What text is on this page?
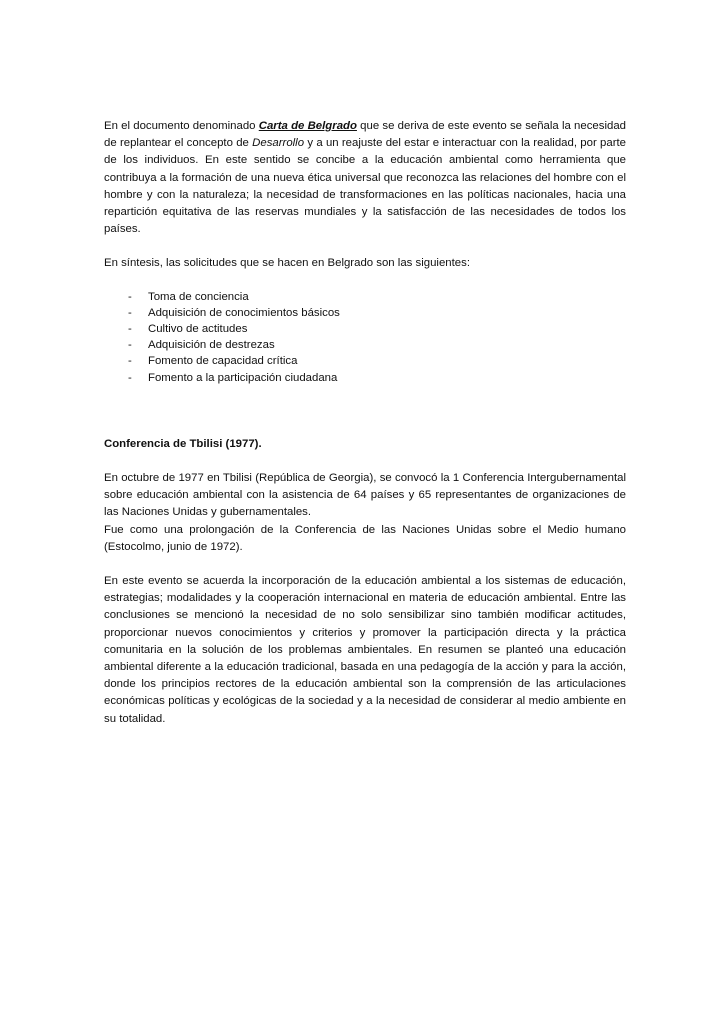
En el documento denominado Carta de Belgrado que se deriva de este evento se señala la necesidad de replantear el concepto de Desarrollo y a un reajuste del estar e interactuar con la realidad, por parte de los individuos. En este sentido se concibe a la educación ambiental como herramienta que contribuya a la formación de una nueva ética universal que reconozca las relaciones del hombre con el hombre y con la naturaleza; la necesidad de transformaciones en las políticas nacionales, hacia una repartición equitativa de las reservas mundiales y la satisfacción de las necesidades de todos los países.

En síntesis, las solicitudes que se hacen en Belgrado son las siguientes:

- Toma de conciencia
- Adquisición de conocimientos básicos
- Cultivo de actitudes
- Adquisición de destrezas
- Fomento de capacidad crítica
- Fomento a la participación ciudadana

Conferencia de Tbilisi (1977).

En octubre de 1977 en Tbilisi (República de Georgia), se convocó la 1 Conferencia Intergubernamental sobre educación ambiental con la asistencia de 64 países y 65 representantes de organizaciones de las Naciones Unidas y gubernamentales.

Fue como una prolongación de la Conferencia de las Naciones Unidas sobre el Medio humano (Estocolmo, junio de 1972).

En este evento se acuerda la incorporación de la educación ambiental a los sistemas de educación, estrategias; modalidades y la cooperación internacional en materia de educación ambiental. Entre las conclusiones se mencionó la necesidad de no solo sensibilizar sino también modificar actitudes, proporcionar nuevos conocimientos y criterios y promover la participación directa y la práctica comunitaria en la solución de los problemas ambientales. En resumen se planteó una educación ambiental diferente a la educación tradicional, basada en una pedagogía de la acción y para la acción, donde los principios rectores de la educación ambiental son la comprensión de las articulaciones económicas políticas y ecológicas de la sociedad y a la necesidad de considerar al medio ambiente en su totalidad.
